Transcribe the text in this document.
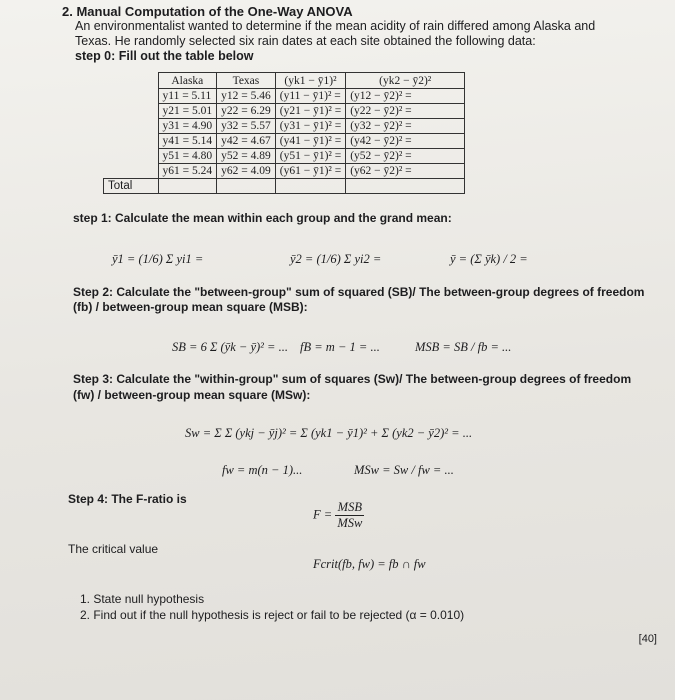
2. Manual Computation of the One-Way ANOVA
An environmentalist wanted to determine if the mean acidity of rain differed among Alaska and
Texas. He randomly selected six rain dates at each site obtained the following data:
step 0: Fill out the table below
	Alaska	Texas	(yk1 − ȳ1)²	(yk2 − ȳ2)²
	y11 = 5.11	y12 = 5.46	(y11 − ȳ1)² =	(y12 − ȳ2)² =
	y21 = 5.01	y22 = 6.29	(y21 − ȳ1)² =	(y22 − ȳ2)² =
	y31 = 4.90	y32 = 5.57	(y31 − ȳ1)² =	(y32 − ȳ2)² =
	y41 = 5.14	y42 = 4.67	(y41 − ȳ1)² =	(y42 − ȳ2)² =
	y51 = 4.80	y52 = 4.89	(y51 − ȳ1)² =	(y52 − ȳ2)² =
	y61 = 5.24	y62 = 4.09	(y61 − ȳ1)² =	(y62 − ȳ2)² =
Total				
step 1: Calculate the mean within each group and the grand mean:
ȳ1 = (1/6) Σ yi1 =	ȳ2 = (1/6) Σ yi2 =	ȳ = (Σ ȳk) / 2 =
Step 2: Calculate the "between-group" sum of squared (SB)/ The between-group degrees of freedom
(fb) / between-group mean square (MSB):
SB = 6 Σ (ȳk − ȳ)² = ... fB = m − 1 = ...	MSB = SB / fb = ...
Step 3: Calculate the "within-group" sum of squares (Sw)/ The between-group degrees of freedom
(fw) / between-group mean square (MSw):
Sw = Σ Σ (ykj − ȳj)² = Σ (yk1 − ȳ1)² + Σ (yk2 − ȳ2)² = ...
fw = m(n − 1)...	MSw = Sw / fw = ...
Step 4: The F-ratio is
$F = \frac{\text{MSB}}{\text{MSw}}$
The critical value
Fcrit(fb, fw) = fb ∩ fw
1. State null hypothesis
2. Find out if the null hypothesis is reject or fail to be rejected (α = 0.010)
[40]
